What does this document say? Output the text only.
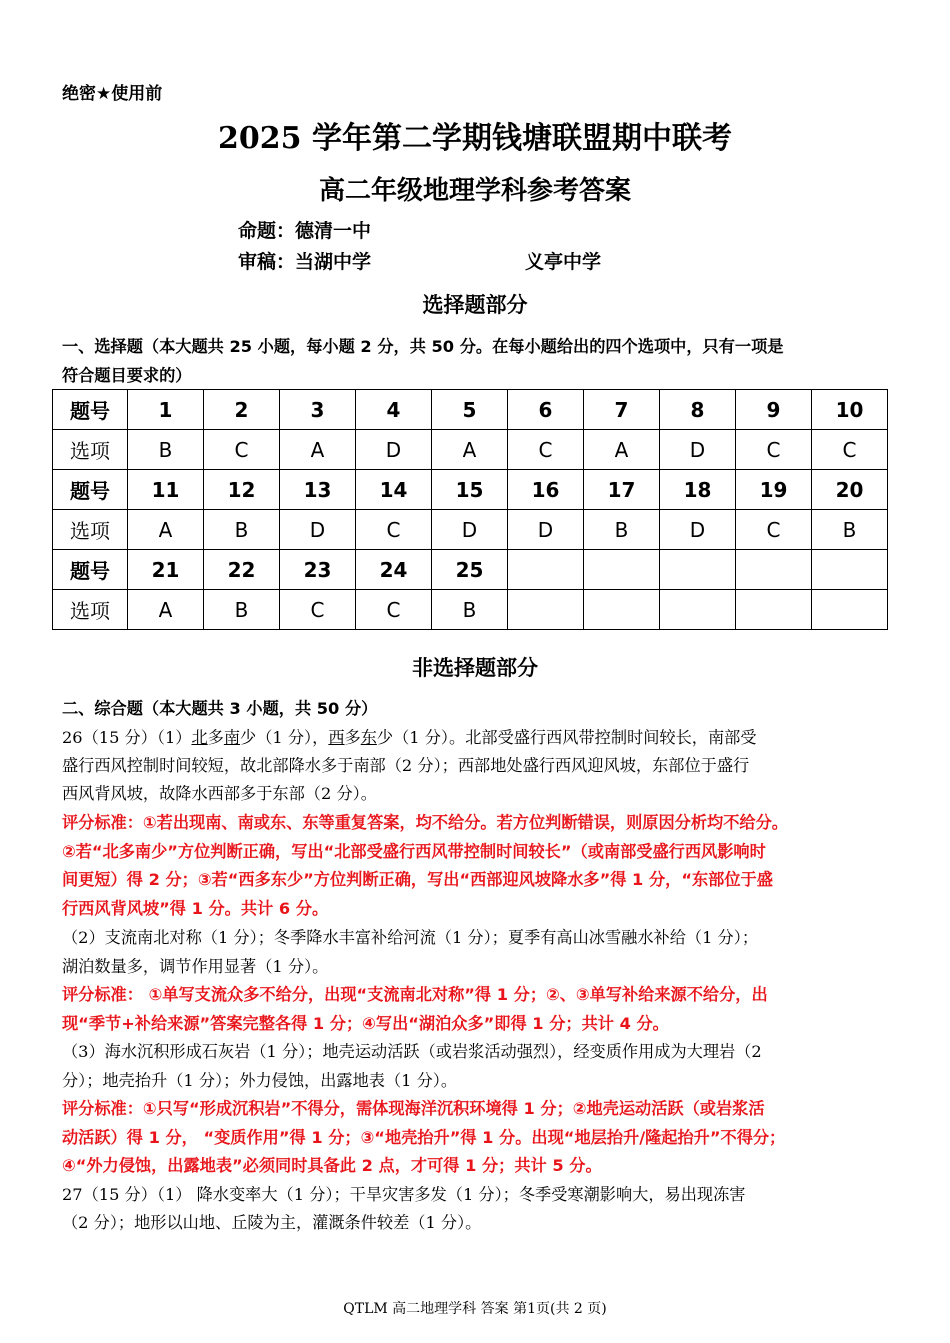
绝密★使用前
2025 学年第二学期钱塘联盟期中联考
高二年级地理学科参考答案
命题：德清一中
审稿：当湖中学	义亭中学
选择题部分
一、选择题（本大题共 25 小题，每小题 2 分，共 50 分。在每小题给出的四个选项中，只有一项是
符合题目要求的）
题号	1	2	3	4	5	6	7	8	9	10
选项	B	C	A	D	A	C	A	D	C	C
题号	11	12	13	14	15	16	17	18	19	20
选项	A	B	D	C	D	D	B	D	C	B
题号	21	22	23	24	25					
选项	A	B	C	C	B					
非选择题部分
二、综合题（本大题共 3 小题，共 50 分）
26（15 分）（1）北多南少（1 分），西多东少（1 分）。北部受盛行西风带控制时间较长，南部受
盛行西风控制时间较短，故北部降水多于南部（2 分）；西部地处盛行西风迎风坡，东部位于盛行
西风背风坡，故降水西部多于东部（2 分）。
评分标准：①若出现南、南或东、东等重复答案，均不给分。若方位判断错误，则原因分析均不给分。
②若“北多南少”方位判断正确，写出“北部受盛行西风带控制时间较长”（或南部受盛行西风影响时
间更短）得 2 分；③若“西多东少”方位判断正确，写出“西部迎风坡降水多”得 1 分，“东部位于盛
行西风背风坡”得 1 分。共计 6 分。
（2）支流南北对称（1 分）；冬季降水丰富补给河流（1 分）；夏季有高山冰雪融水补给（1 分）；
湖泊数量多，调节作用显著（1 分）。
评分标准： ①单写支流众多不给分，出现“支流南北对称”得 1 分；②、③单写补给来源不给分，出
现“季节+补给来源”答案完整各得 1 分；④写出“湖泊众多”即得 1 分；共计 4 分。
（3）海水沉积形成石灰岩（1 分）；地壳运动活跃（或岩浆活动强烈），经变质作用成为大理岩（2
分）；地壳抬升（1 分）；外力侵蚀，出露地表（1 分）。
评分标准：①只写“形成沉积岩”不得分，需体现海洋沉积环境得 1 分；②地壳运动活跃（或岩浆活
动活跃）得 1 分， “变质作用”得 1 分；③“地壳抬升”得 1 分。出现“地层抬升/隆起抬升”不得分；
④“外力侵蚀，出露地表”必须同时具备此 2 点，才可得 1 分；共计 5 分。
27（15 分）（1） 降水变率大（1 分）；干旱灾害多发（1 分）；冬季受寒潮影响大，易出现冻害
（2 分）；地形以山地、丘陵为主，灌溉条件较差（1 分）。
QTLM 高二地理学科 答案 第1页(共 2 页)
